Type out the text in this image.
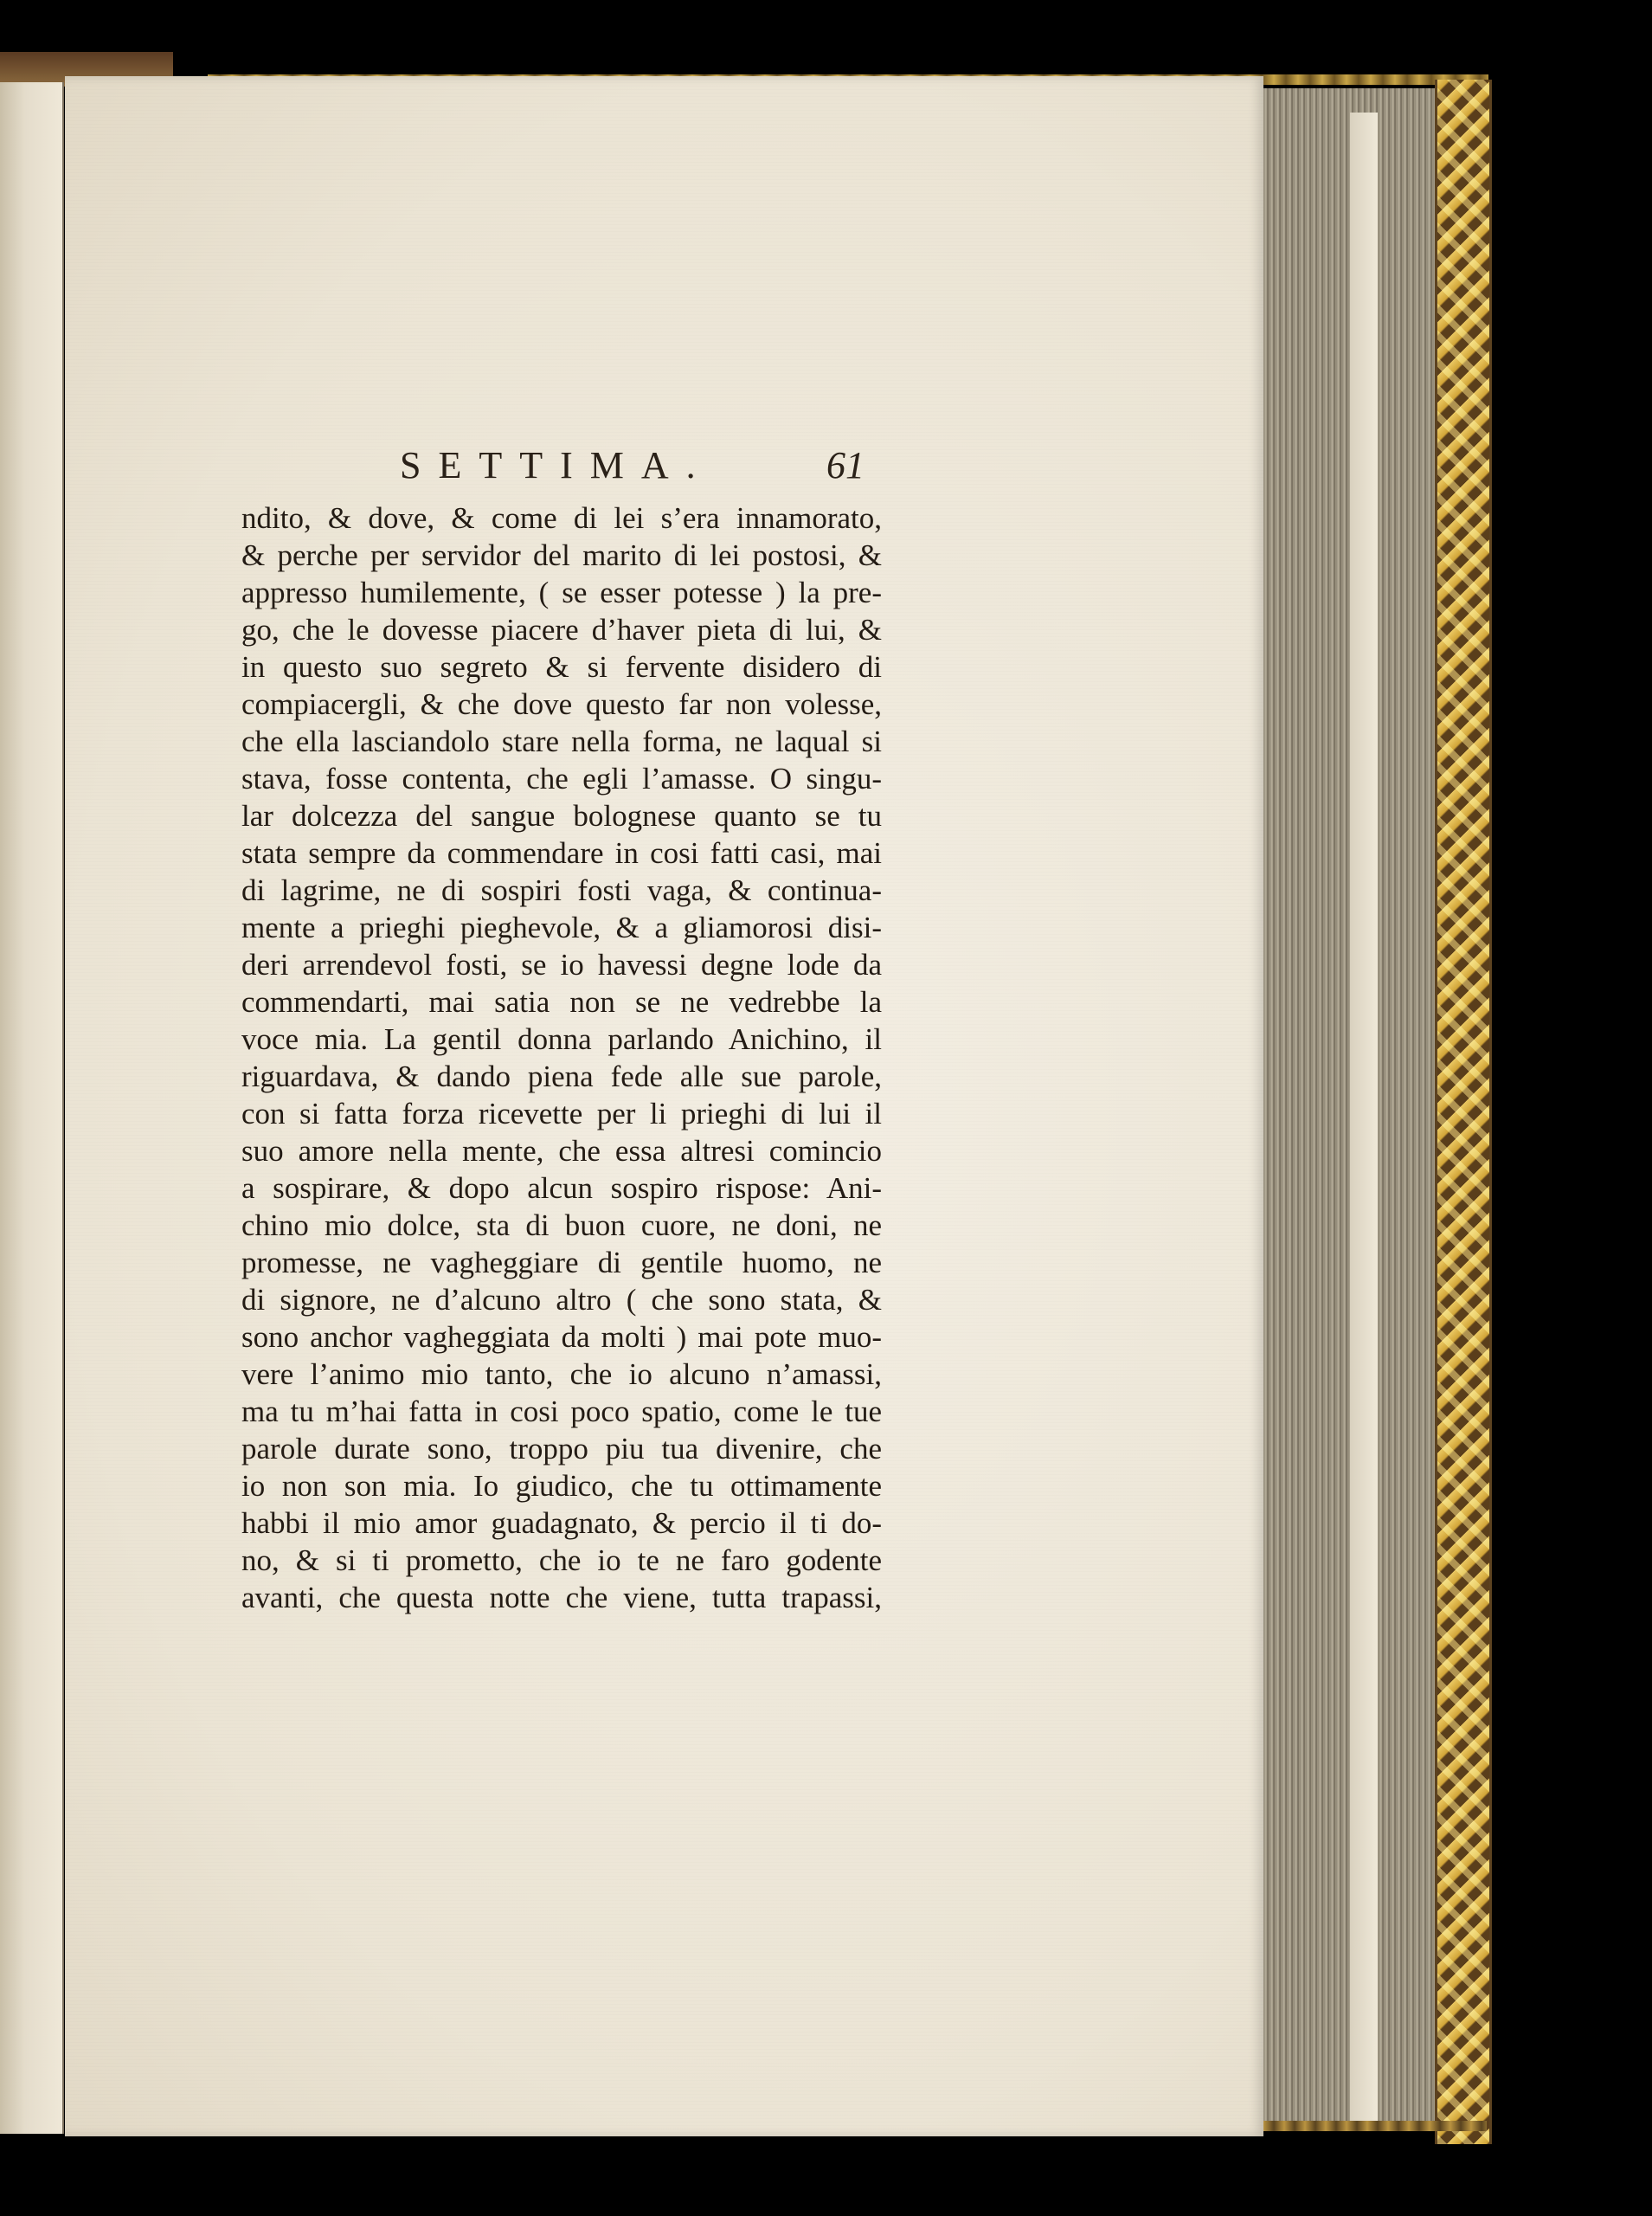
SETTIMA.	61
ndito, & dove, & come di lei s’era innamorato,
& perche per servidor del marito di lei postosi, &
appresso humilemente, ( se esser potesse ) la pre-
go, che le dovesse piacere d’haver pieta di lui, &
in questo suo segreto & si fervente disidero di
compiacergli, & che dove questo far non volesse,
che ella lasciandolo stare nella forma, ne laqual si
stava, fosse contenta, che egli l’amasse. O singu-
lar dolcezza del sangue bolognese quanto se tu
stata sempre da commendare in cosi fatti casi, mai
di lagrime, ne di sospiri fosti vaga, & continua-
mente a prieghi pieghevole, & a gliamorosi disi-
deri arrendevol fosti, se io havessi degne lode da
commendarti, mai satia non se ne vedrebbe la
voce mia. La gentil donna parlando Anichino, il
riguardava, & dando piena fede alle sue parole,
con si fatta forza ricevette per li prieghi di lui il
suo amore nella mente, che essa altresi comincio
a sospirare, & dopo alcun sospiro rispose: Ani-
chino mio dolce, sta di buon cuore, ne doni, ne
promesse, ne vagheggiare di gentile huomo, ne
di signore, ne d’alcuno altro ( che sono stata, &
sono anchor vagheggiata da molti ) mai pote muo-
vere l’animo mio tanto, che io alcuno n’amassi,
ma tu m’hai fatta in cosi poco spatio, come le tue
parole durate sono, troppo piu tua divenire, che
io non son mia. Io giudico, che tu ottimamente
habbi il mio amor guadagnato, & percio il ti do-
no, & si ti prometto, che io te ne faro godente
avanti, che questa notte che viene, tutta trapassi,
